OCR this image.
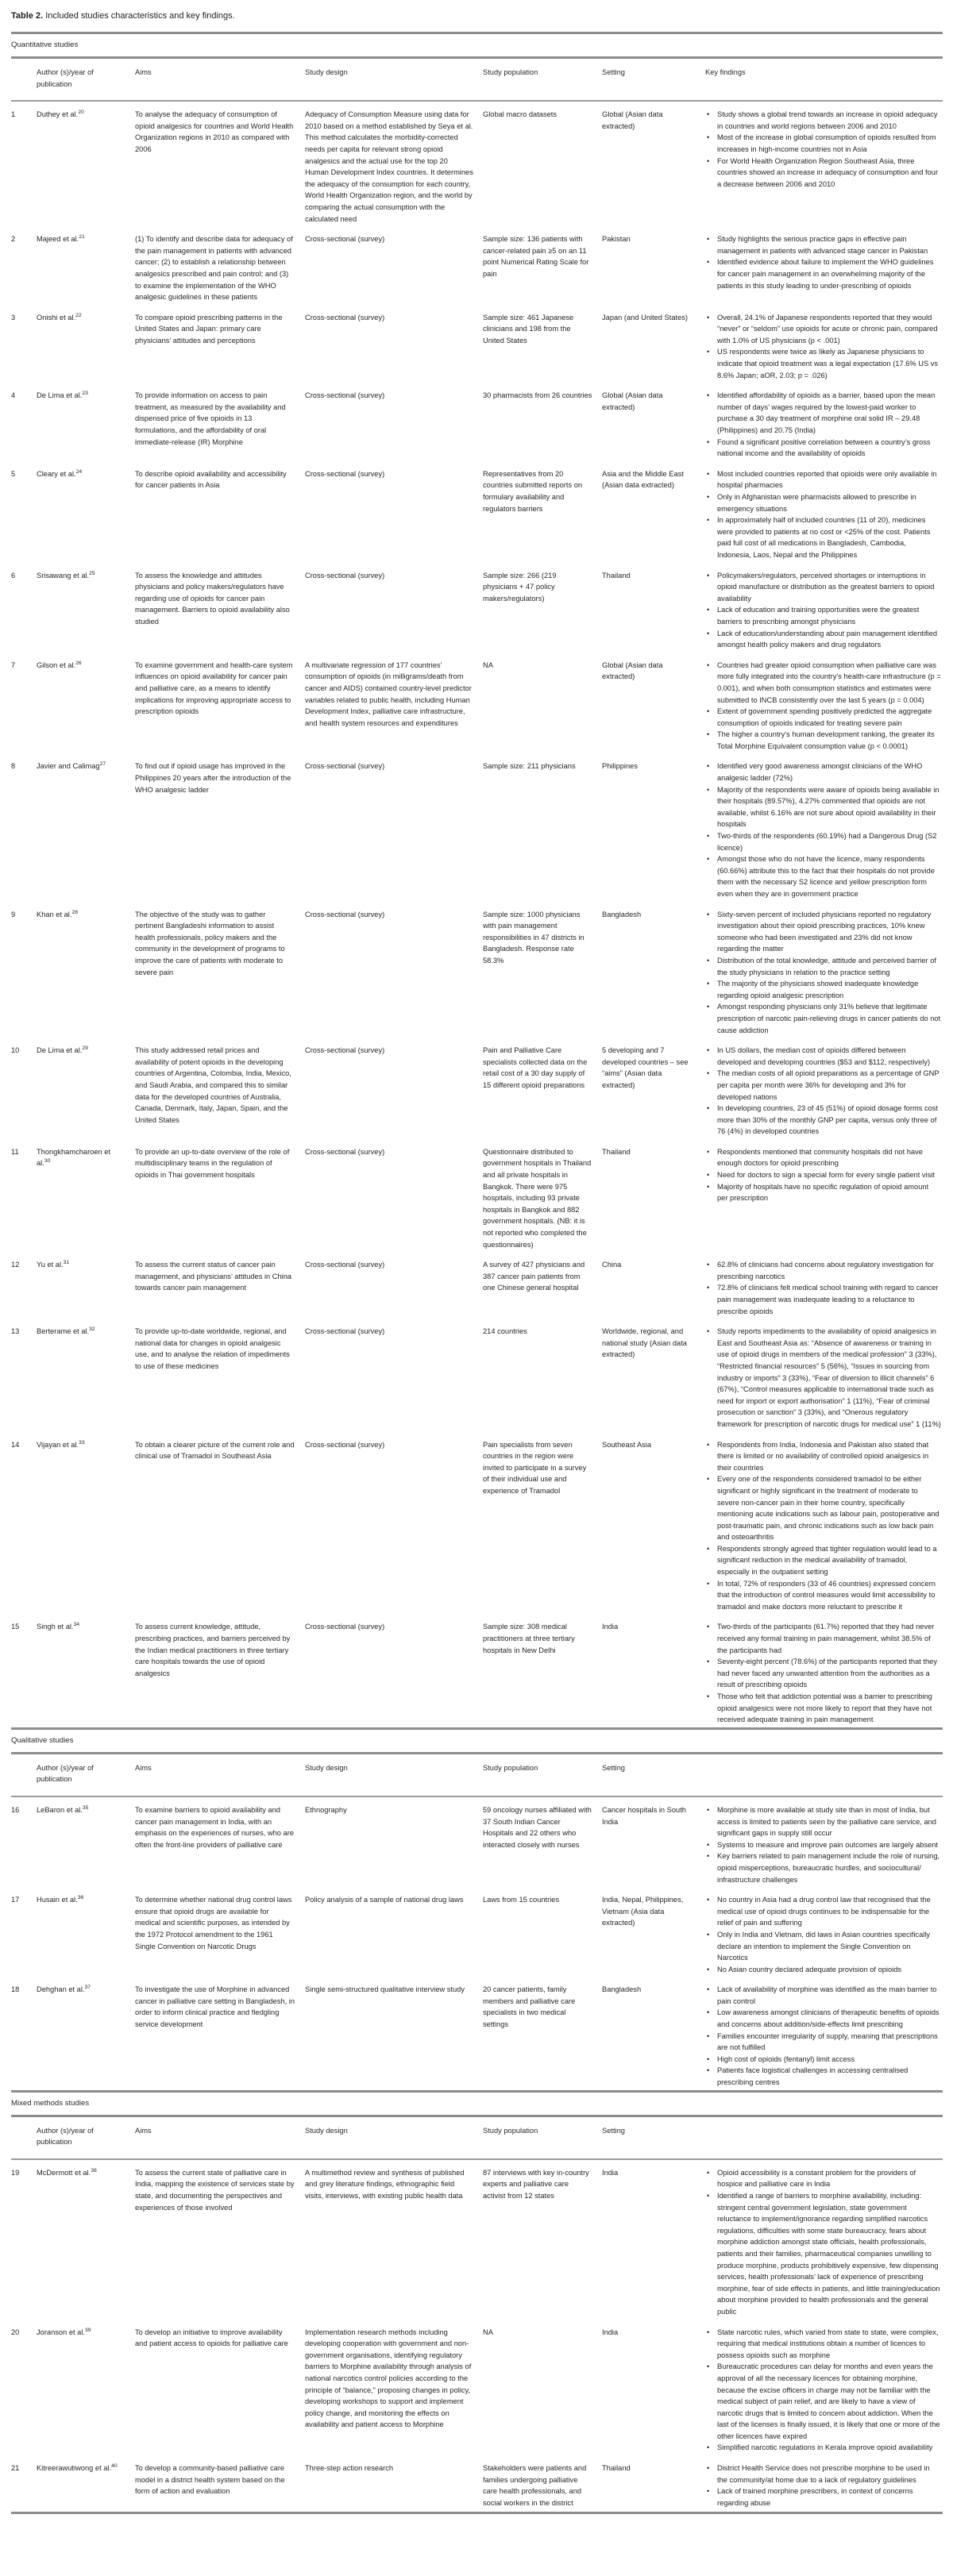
Table 2. Included studies characteristics and key findings.
Quantitative studies
	Author (s)/year of publication	Aims	Study design	Study population	Setting	Key findings
1	Duthey et al.$^{20}$	To analyse the adequacy of consumption of opioid analgesics for countries and World Health Organization regions in 2010 as compared with 2006	Adequacy of Consumption Measure using data for 2010 based on a method established by Seya et al. This method calculates the morbidity-corrected needs per capita for relevant strong opioid analgesics and the actual use for the top 20 Human Development Index countries. It determines the adequacy of the consumption for each country, World Health Organization region, and the world by comparing the actual consumption with the calculated need	Global macro datasets	Global (Asian data extracted)	
• Study shows a global trend towards an increase in opioid adequacy in countries and world regions between 2006 and 2010
• Most of the increase in global consumption of opioids resulted from increases in high-income countries not in Asia
• For World Health Organization Region Southeast Asia, three countries showed an increase in adequacy of consumption and four a decrease between 2006 and 2010

2	Majeed et al.$^{21}$	(1) To identify and describe data for adequacy of the pain management in patients with advanced cancer; (2) to establish a relationship between analgesics prescribed and pain control; and (3) to examine the implementation of the WHO analgesic guidelines in these patients	Cross-sectional (survey)	Sample size: 136 patients with cancer-related pain ≥5 on an 11 point Numerical Rating Scale for pain	Pakistan	
•Study highlights the serious practice gaps in effective pain management in patients with advanced stage cancer in Pakistan
• Identified evidence about failure to implement the WHO guidelines for cancer pain management in an overwhelming majority of the patients in this study leading to under-prescribing of opioids

3	Onishi et al.$^{22}$	To compare opioid prescribing patterns in the United States and Japan: primary care physicians’ attitudes and perceptions	Cross-sectional (survey)	Sample size: 461 Japanese clinicians and 198 from the United States	Japan (and United States)	
•Overall, 24.1% of Japanese respondents reported that they would “never” or “seldom” use opioids for acute or chronic pain, compared with 1.0% of US physicians (p < .001)
• US respondents were twice as likely as Japanese physicians to indicate that opioid treatment was a legal expectation (17.6% US vs 8.6% Japan; aOR, 2.03; p = .026)

4	De Lima et al.$^{23}$	To provide information on access to pain treatment, as measured by the availability and dispensed price of five opioids in 13 formulations, and the affordability of oral immediate-release (IR) Morphine	Cross-sectional (survey)	30 pharmacists from 26 countries	Global (Asian data extracted)	
• Identified affordability of opioids as a barrier, based upon the mean number of days’ wages required by the lowest-paid worker to purchase a 30 day treatment of morphine oral solid IR – 29.48 (Philippines) and 20.75 (India)
• Found a significant positive correlation between a country’s gross national income and the availability of opioids

5	Cleary et al.$^{24}$	To describe opioid availability and accessibility for cancer patients in Asia	Cross-sectional (survey)	Representatives from 20 countries submitted reports on formulary availability and regulators barriers	Asia and the Middle East (Asian data extracted)	
• Most included countries reported that opioids were only available in hospital pharmacies
• Only in Afghanistan were pharmacists allowed to prescribe in emergency situations
• In approximately half of included countries (11 of 20), medicines were provided to patients at no cost or <25% of the cost. Patients paid full cost of all medications in Bangladesh, Cambodia, Indonesia, Laos, Nepal and the Philippines

6	Srisawang et al.$^{25}$	To assess the knowledge and attitudes physicians and policy makers/regulators have regarding use of opioids for cancer pain management. Barriers to opioid availability also studied	Cross-sectional (survey)	Sample size: 266 (219 physicians + 47 policy makers/regulators)	Thailand	
•Policymakers/regulators, perceived shortages or interruptions in opioid manufacture or distribution as the greatest barriers to opioid availability
• Lack of education and training opportunities were the greatest barriers to prescribing amongst physicians
• Lack of education/understanding about pain management identified amongst health policy makers and drug regulators

7	Gilson et al.$^{26}$	To examine government and health-care system influences on opioid availability for cancer pain and palliative care, as a means to identify implications for improving appropriate access to prescription opioids	A multivariate regression of 177 countries’ consumption of opioids (in milligrams/death from cancer and AIDS) contained country-level predictor variables related to public health, including Human Development Index, palliative care infrastructure, and health system resources and expenditures	NA	Global (Asian data extracted)	
• Countries had greater opioid consumption when palliative care was more fully integrated into the country’s health-care infrastructure (p = 0.001), and when both consumption statistics and estimates were submitted to INCB consistently over the last 5 years (p = 0.004)
• Extent of government spending positively predicted the aggregate consumption of opioids indicated for treating severe pain
• The higher a country’s human development ranking, the greater its Total Morphine Equivalent consumption value (p < 0.0001)

8	Javier and Calimag$^{27}$	To find out if opioid usage has improved in the Philippines 20 years after the introduction of the WHO analgesic ladder	Cross-sectional (survey)	Sample size: 211 physicians	Philippines	
•Identified very good awareness amongst clinicians of the WHO analgesic ladder (72%)
• Majority of the respondents were aware of opioids being available in their hospitals (89.57%), 4.27% commented that opioids are not available, whilst 6.16% are not sure about opioid availability in their hospitals
• Two-thirds of the respondents (60.19%) had a Dangerous Drug (S2 licence)
• Amongst those who do not have the licence, many respondents (60.66%) attribute this to the fact that their hospitals do not provide them with the necessary S2 licence and yellow prescription form even when they are in government practice

9	Khan et al.$^{28}$	The objective of the study was to gather pertinent Bangladeshi information to assist health professionals, policy makers and the community in the development of programs to improve the care of patients with moderate to severe pain	Cross-sectional (survey)	Sample size: 1000 physicians with pain management responsibilities in 47 districts in Bangladesh. Response rate 58.3%	Bangladesh	
•Sixty-seven percent of included physicians reported no regulatory investigation about their opioid prescribing practices, 10% knew someone who had been investigated and 23% did not know regarding the matter
• Distribution of the total knowledge, attitude and perceived barrier of the study physicians in relation to the practice setting
• The majority of the physicians showed inadequate knowledge regarding opioid analgesic prescription
• Amongst responding physicians only 31% believe that legitimate prescription of narcotic pain-relieving drugs in cancer patients do not cause addiction

10	De Lima et al.$^{29}$	This study addressed retail prices and availability of potent opioids in the developing countries of Argentina, Colombia, India, Mexico, and Saudi Arabia, and compared this to similar data for the developed countries of Australia, Canada, Denmark, Italy, Japan, Spain, and the United States	Cross-sectional (survey)	Pain and Palliative Care specialists collected data on the retail cost of a 30 day supply of 15 different opioid preparations	5 developing and 7 developed countries – see “aims” (Asian data extracted)	
• In US dollars, the median cost of opioids differed between developed and developing countries ($53 and $112, respectively)
• The median costs of all opioid preparations as a percentage of GNP per capita per month were 36% for developing and 3% for developed nations
• In developing countries, 23 of 45 (51%) of opioid dosage forms cost more than 30% of the monthly GNP per capita, versus only three of 76 (4%) in developed countries

11	Thongkhamcharoen et al.$^{30}$	To provide an up-to-date overview of the role of multidisciplinary teams in the regulation of opioids in Thai government hospitals	Cross-sectional (survey)	Questionnaire distributed to government hospitals in Thailand and all private hospitals in Bangkok. There were 975 hospitals, including 93 private hospitals in Bangkok and 882 government hospitals. (NB: it is not reported who completed the questionnaires)	Thailand	
•Respondents mentioned that community hospitals did not have enough doctors for opioid prescribing
• Need for doctors to sign a special form for every single patient visit
• Majority of hospitals have no specific regulation of opioid amount per prescription

12	Yu et al.$^{31}$	To assess the current status of cancer pain management, and physicians’ attitudes in China towards cancer pain management	Cross-sectional (survey)	A survey of 427 physicians and 387 cancer pain patients from one Chinese general hospital	China	
•62.8% of clinicians had concerns about regulatory investigation for prescribing narcotics
• 72.8% of clinicians felt medical school training with regard to cancer pain management was inadequate leading to a reluctance to prescribe opioids

13	Berterame et al.$^{32}$	To provide up-to-date worldwide, regional, and national data for changes in opioid analgesic use, and to analyse the relation of impediments to use of these medicines	Cross-sectional (survey)	214 countries	Worldwide, regional, and national study (Asian data extracted)	
• Study reports impediments to the availability of opioid analgesics in East and Southeast Asia as: “Absence of awareness or training in use of opioid drugs in members of the medical profession” 3 (33%), “Restricted financial resources” 5 (56%), “Issues in sourcing from industry or imports” 3 (33%), “Fear of diversion to illicit channels” 6 (67%), “Control measures applicable to international trade such as need for import or export authorisation” 1 (11%), “Fear of criminal prosecution or sanction” 3 (33%), and “Onerous regulatory framework for prescription of narcotic drugs for medical use” 1 (11%)

14	Vijayan et al.$^{33}$	To obtain a clearer picture of the current role and clinical use of Tramadol in Southeast Asia	Cross-sectional (survey)	Pain specialists from seven countries in the region were invited to participate in a survey of their individual use and experience of Tramadol	Southeast Asia	
•Respondents from India, Indonesia and Pakistan also stated that there is limited or no availability of controlled opioid analgesics in their countries
• Every one of the respondents considered tramadol to be either significant or highly significant in the treatment of moderate to severe non-cancer pain in their home country, specifically mentioning acute indications such as labour pain, postoperative and post-traumatic pain, and chronic indications such as low back pain and osteoarthritis
• Respondents strongly agreed that tighter regulation would lead to a significant reduction in the medical availability of tramadol, especially in the outpatient setting
• In total, 72% of responders (33 of 46 countries) expressed concern that the introduction of control measures would limit accessibility to tramadol and make doctors more reluctant to prescribe it

15	Singh et al.$^{34}$	To assess current knowledge, attitude, prescribing practices, and barriers perceived by the Indian medical practitioners in three tertiary care hospitals towards the use of opioid analgesics	Cross-sectional (survey)	Sample size: 308 medical practitioners at three tertiary hospitals in New Delhi	India	
•Two-thirds of the participants (61.7%) reported that they had never received any formal training in pain management, whilst 38.5% of the participants had
• Seventy-eight percent (78.6%) of the participants reported that they had never faced any unwanted attention from the authorities as a result of prescribing opioids
• Those who felt that addiction potential was a barrier to prescribing opioid analgesics were not more likely to report that they have not received adequate training in pain management
Qualitative studies
	Author (s)/year of publication	Aims	Study design	Study population	Setting	
16	LeBaron et al.$^{35}$	To examine barriers to opioid availability and cancer pain management in India, with an emphasis on the experiences of nurses, who are often the front-line providers of palliative care	Ethnography	59 oncology nurses affiliated with 37 South Indian Cancer Hospitals and 22 others who interacted closely with nurses	Cancer hospitals in South India	
• Morphine is more available at study site than in most of India, but access is limited to patients seen by the palliative care service, and significant gaps in supply still occur
• Systems to measure and improve pain outcomes are largely absent
• Key barriers related to pain management include the role of nursing, opioid misperceptions, bureaucratic hurdles, and sociocultural/ infrastructure challenges

17	Husain et al.$^{36}$	To determine whether national drug control laws ensure that opioid drugs are available for medical and scientific purposes, as intended by the 1972 Protocol amendment to the 1961 Single Convention on Narcotic Drugs	Policy analysis of a sample of national drug laws	Laws from 15 countries	India, Nepal, Philippines, Vietnam (Asia data extracted)	
• No country in Asia had a drug control law that recognised that the medical use of opioid drugs continues to be indispensable for the relief of pain and suffering
• Only in India and Vietnam, did laws in Asian countries specifically declare an intention to implement the Single Convention on Narcotics
• No Asian country declared adequate provision of opioids

18	Dehghan et al.$^{37}$	To investigate the use of Morphine in advanced cancer in palliative care setting in Bangladesh, in order to inform clinical practice and fledgling service development	Single semi-structured qualitative interview study	20 cancer patients, family members and palliative care specialists in two medical settings	Bangladesh	
•Lack of availability of morphine was identified as the main barrier to pain control
• Low awareness amongst clinicians of therapeutic benefits of opioids and concerns about addition/side-effects limit prescribing
• Families encounter irregularity of supply, meaning that prescriptions are not fulfilled
• High cost of opioids (fentanyl) limit access
• Patients face logistical challenges in accessing centralised prescribing centres
Mixed methods studies
	Author (s)/year of publication	Aims	Study design	Study population	Setting	
19	McDermott et al.$^{38}$	To assess the current state of palliative care in India, mapping the existence of services state by state, and documenting the perspectives and experiences of those involved	A multimethod review and synthesis of published and grey literature findings, ethnographic field visits, interviews, with existing public health data	87 interviews with key in-country experts and palliative care activist from 12 states	India	
•Opioid accessibility is a constant problem for the providers of hospice and palliative care in India
• Identified a range of barriers to morphine availability, including: stringent central government legislation, state government reluctance to implement/ignorance regarding simplified narcotics regulations, difficulties with some state bureaucracy, fears about morphine addiction amongst state officials, health professionals, patients and their families, pharmaceutical companies unwilling to produce morphine, products prohibitively expensive, few dispensing services, health professionals’ lack of experience of prescribing morphine, fear of side effects in patients, and little training/education about morphine provided to health professionals and the general public

20	Joranson et al.$^{39}$	To develop an initiative to improve availability and patient access to opioids for palliative care	Implementation research methods including developing cooperation with government and non-government organisations, identifying regulatory barriers to Morphine availability through analysis of national narcotics control policies according to the principle of “balance,” proposing changes in policy, developing workshops to support and implement policy change, and monitoring the effects on availability and patient access to Morphine	NA	India	
•State narcotic rules, which varied from state to state, were complex, requiring that medical institutions obtain a number of licences to possess opioids such as morphine
• Bureaucratic procedures can delay for months and even years the approval of all the necessary licences for obtaining morphine, because the excise officers in charge may not be familiar with the medical subject of pain relief, and are likely to have a view of narcotic drugs that is limited to concern about addiction. When the last of the licenses is finally issued, it is likely that one or more of the other licences have expired
• Simplified narcotic regulations in Kerala improve opioid availability

21	Kitreerawutiwong et al.$^{40}$	To develop a community-based palliative care model in a district health system based on the form of action and evaluation	Three-step action research	Stakeholders were patients and families undergoing palliative care health professionals, and social workers in the district	Thailand	
•District Health Service does not prescribe morphine to be used in the community/at home due to a lack of regulatory guidelines
• Lack of trained morphine prescribers, in context of concerns regarding abuse
